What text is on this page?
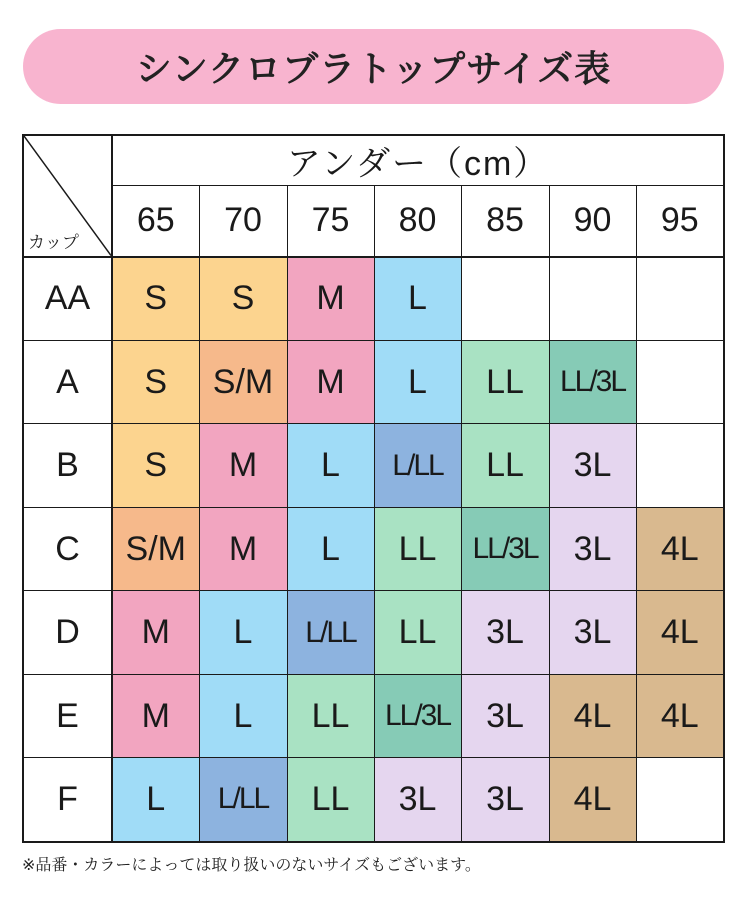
シンクロブラトップサイズ表
カップ	アンダー（cm）						
	65	70	75	80	85	90	95
AA	S	S	M	L			
A	S	S/M	M	L	LL	LL/3L	
B	S	M	L	L/LL	LL	3L	
C	S/M	M	L	LL	LL/3L	3L	4L
D	M	L	L/LL	LL	3L	3L	4L
E	M	L	LL	LL/3L	3L	4L	4L
F	L	L/LL	LL	3L	3L	4L	
※品番・カラーによっては取り扱いのないサイズもございます。
